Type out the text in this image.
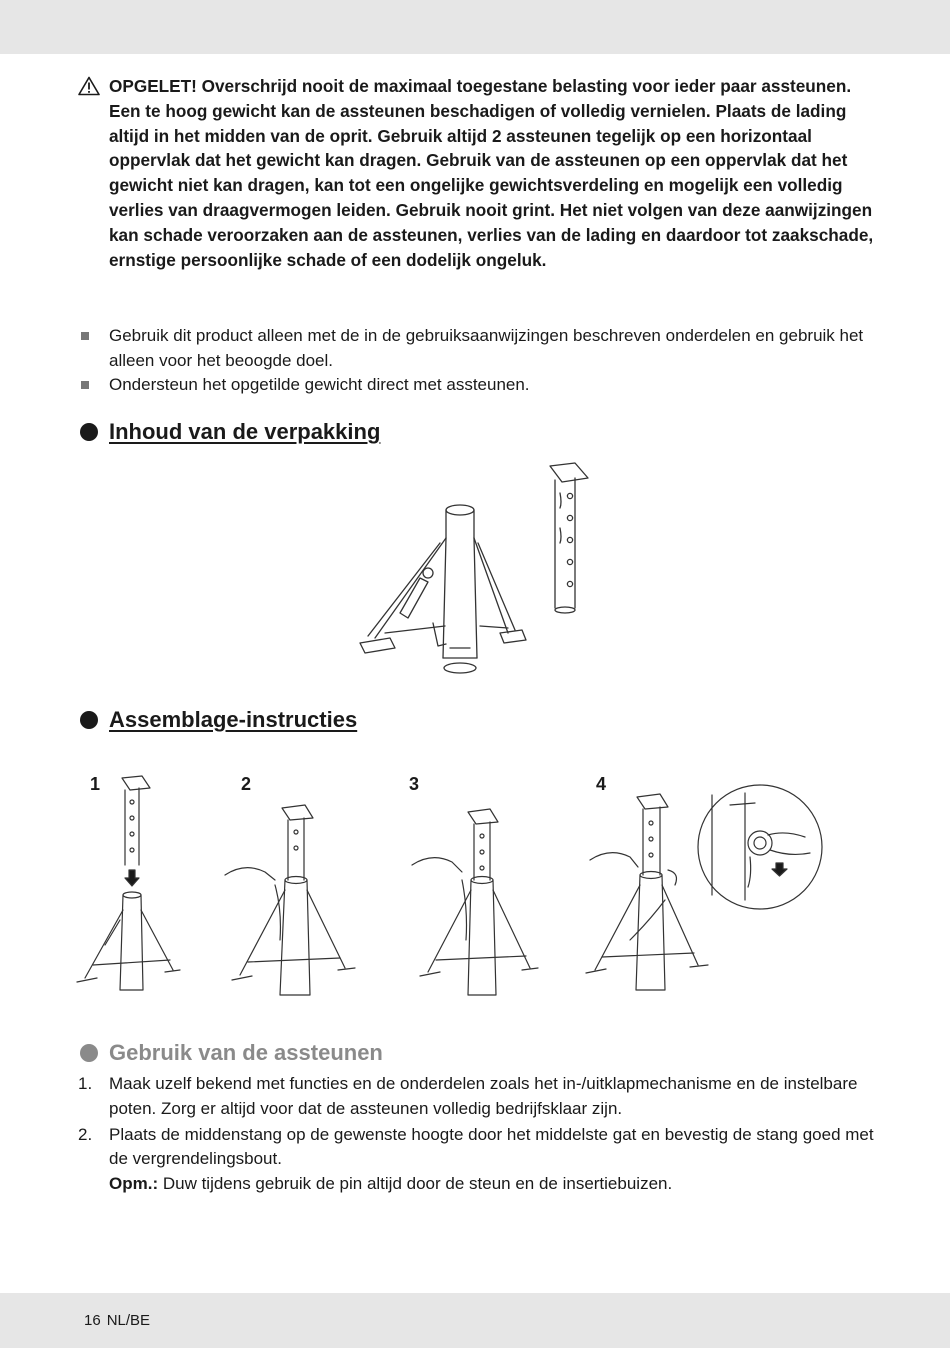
OPGELET! Overschrijd nooit de maximaal toegestane belasting voor ieder paar assteunen. Een te hoog gewicht kan de assteunen beschadigen of volledig vernielen. Plaats de lading altijd in het midden van de oprit. Gebruik altijd 2 assteunen tegelijk op een horizontaal oppervlak dat het gewicht kan dragen. Gebruik van de assteunen op een oppervlak dat het gewicht niet kan dragen, kan tot een ongelijke gewichtsverdeling en mogelijk een volledig verlies van draagvermogen leiden. Gebruik nooit grint. Het niet volgen van deze aanwijzingen kan schade veroorzaken aan de assteunen, verlies van de lading en daardoor tot zaakschade, ernstige persoonlijke schade of een dodelijk ongeluk.

Gebruik dit product alleen met de in de gebruiksaanwijzingen beschreven onderdelen en gebruik het alleen voor het beoogde doel.
Ondersteun het opgetilde gewicht direct met assteunen.
Inhoud van de verpakking
Assemblage-instructies
1	2	3	4
Gebruik van de assteunen
1. Maak uzelf bekend met functies en de onderdelen zoals het in-/uitklapmechanisme en de instelbare poten. Zorg er altijd voor dat de assteunen volledig bedrijfsklaar zijn.
2. Plaats de middenstang op de gewenste hoogte door het middelste gat en bevestig de stang goed met de vergrendelingsbout.
Opm.: Duw tijdens gebruik de pin altijd door de steun en de insertiebuizen.
16 NL/BE
